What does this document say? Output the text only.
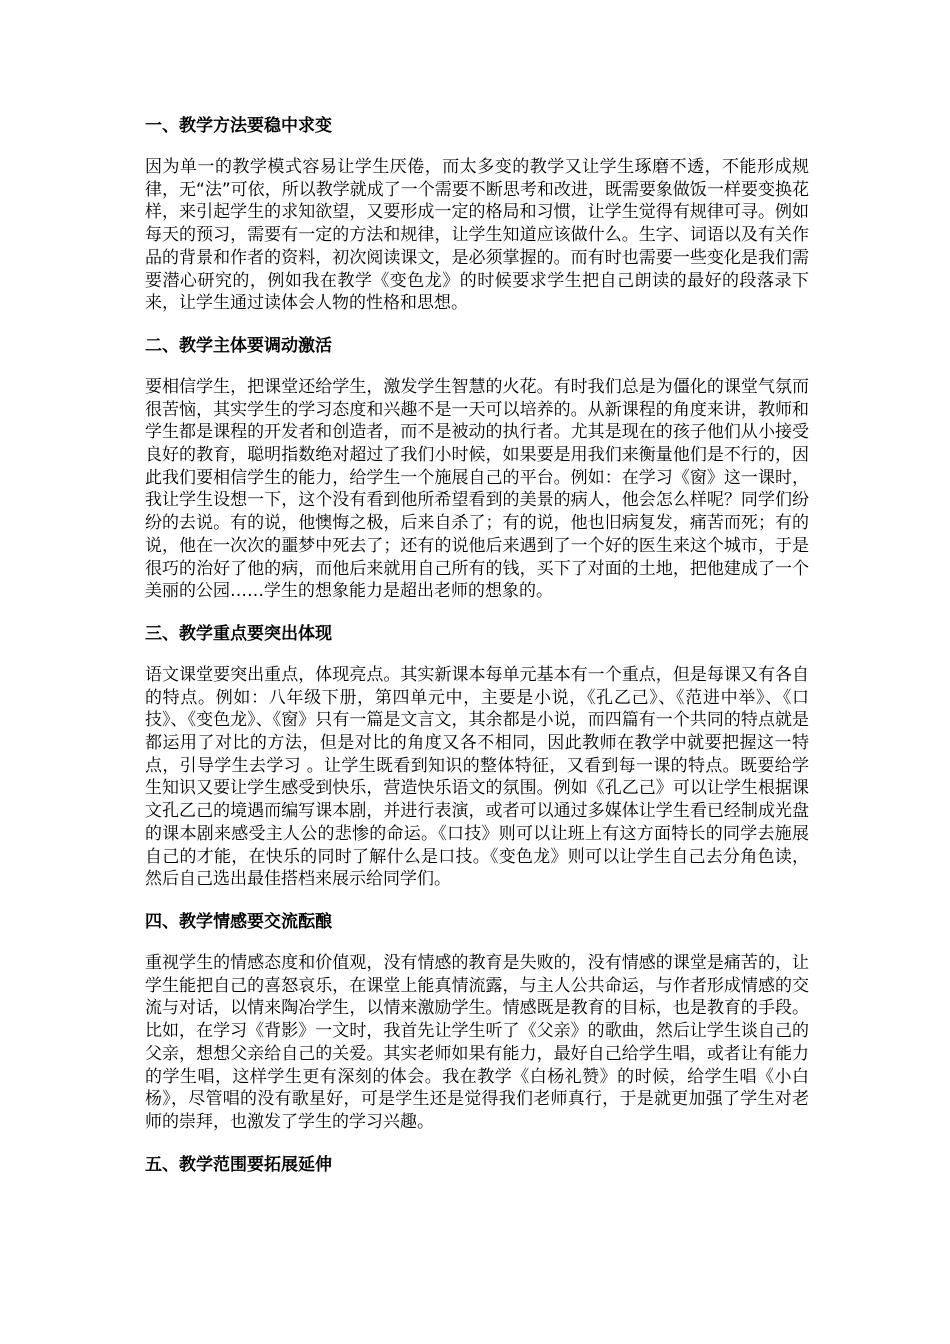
一、教学方法要稳中求变
因为单一的教学模式容易让学生厌倦，而太多变的教学又让学生琢磨不透，不能形成规律，无“法”可依，所以教学就成了一个需要不断思考和改进，既需要象做饭一样要变换花样，来引起学生的求知欲望，又要形成一定的格局和习惯，让学生觉得有规律可寻。例如每天的预习，需要有一定的方法和规律，让学生知道应该做什么。生字、词语以及有关作品的背景和作者的资料，初次阅读课文，是必须掌握的。而有时也需要一些变化是我们需要潜心研究的，例如我在教学《变色龙》的时候要求学生把自己朗读的最好的段落录下来，让学生通过读体会人物的性格和思想。
二、教学主体要调动激活
要相信学生，把课堂还给学生，激发学生智慧的火花。有时我们总是为僵化的课堂气氛而很苦恼，其实学生的学习态度和兴趣不是一天可以培养的。从新课程的角度来讲，教师和学生都是课程的开发者和创造者，而不是被动的执行者。尤其是现在的孩子他们从小接受良好的教育，聪明指数绝对超过了我们小时候，如果要是用我们来衡量他们是不行的，因此我们要相信学生的能力，给学生一个施展自己的平台。例如：在学习《窗》这一课时，我让学生设想一下，这个没有看到他所希望看到的美景的病人，他会怎么样呢？同学们纷纷的去说。有的说，他懊悔之极，后来自杀了；有的说，他也旧病复发，痛苦而死；有的说，他在一次次的噩梦中死去了；还有的说他后来遇到了一个好的医生来这个城市，于是很巧的治好了他的病，而他后来就用自己所有的钱，买下了对面的土地，把他建成了一个美丽的公园……学生的想象能力是超出老师的想象的。
三、教学重点要突出体现
语文课堂要突出重点，体现亮点。其实新课本每单元基本有一个重点，但是每课又有各自的特点。例如：八年级下册，第四单元中，主要是小说，《孔乙己》、《范进中举》、《口技》、《变色龙》、《窗》只有一篇是文言文，其余都是小说，而四篇有一个共同的特点就是都运用了对比的方法，但是对比的角度又各不相同，因此教师在教学中就要把握这一特点，引导学生去学习 。让学生既看到知识的整体特征，又看到每一课的特点。既要给学生知识又要让学生感受到快乐，营造快乐语文的氛围。例如《孔乙己》可以让学生根据课文孔乙己的境遇而编写课本剧，并进行表演，或者可以通过多媒体让学生看已经制成光盘的课本剧来感受主人公的悲惨的命运。《口技》则可以让班上有这方面特长的同学去施展自己的才能，在快乐的同时了解什么是口技。《变色龙》则可以让学生自己去分角色读，然后自己选出最佳搭档来展示给同学们。
四、教学情感要交流酝酿
重视学生的情感态度和价值观，没有情感的教育是失败的，没有情感的课堂是痛苦的，让学生能把自己的喜怒哀乐，在课堂上能真情流露，与主人公共命运，与作者形成情感的交流与对话，以情来陶冶学生，以情来激励学生。情感既是教育的目标，也是教育的手段。比如，在学习《背影》一文时，我首先让学生听了《父亲》的歌曲，然后让学生谈自己的父亲，想想父亲给自己的关爱。其实老师如果有能力，最好自己给学生唱，或者让有能力的学生唱，这样学生更有深刻的体会。我在教学《白杨礼赞》的时候，给学生唱《小白杨》，尽管唱的没有歌星好，可是学生还是觉得我们老师真行，于是就更加强了学生对老师的崇拜，也激发了学生的学习兴趣。
五、教学范围要拓展延伸
